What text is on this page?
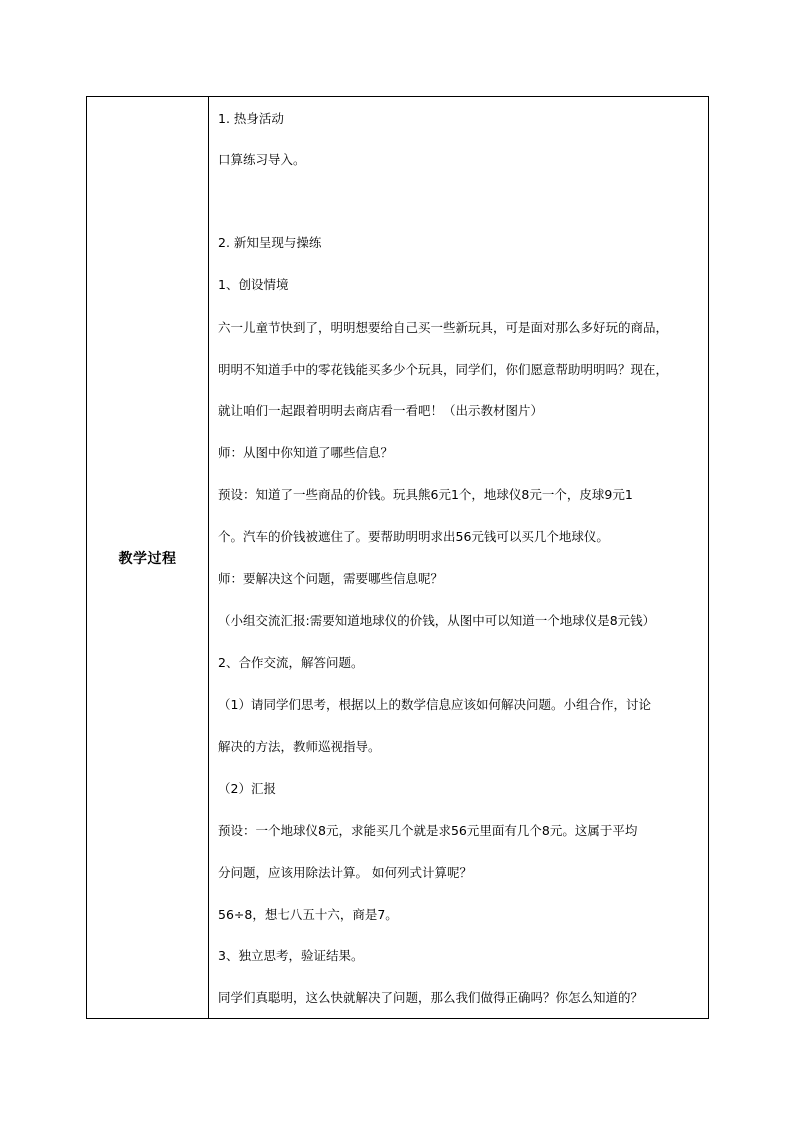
教学过程	
1. 热身活动
口算练习导入。
2. 新知呈现与操练
1、创设情境
六一儿童节快到了，明明想要给自己买一些新玩具，可是面对那么多好玩的商品，
明明不知道手中的零花钱能买多少个玩具，同学们，你们愿意帮助明明吗？现在，
就让咱们一起跟着明明去商店看一看吧！（出示教材图片）
师：从图中你知道了哪些信息？
预设：知道了一些商品的价钱。玩具熊6元1个，地球仪8元一个，皮球9元1
个。汽车的价钱被遮住了。要帮助明明求出56元钱可以买几个地球仪。
师：要解决这个问题，需要哪些信息呢？
（小组交流汇报:需要知道地球仪的价钱，从图中可以知道一个地球仪是8元钱）
2、合作交流，解答问题。
（1）请同学们思考，根据以上的数学信息应该如何解决问题。小组合作，讨论
解决的方法，教师巡视指导。
（2）汇报
预设：一个地球仪8元，求能买几个就是求56元里面有几个8元。这属于平均
分问题，应该用除法计算。 如何列式计算呢？
56÷8，想七八五十六，商是7。
3、独立思考，验证结果。
同学们真聪明，这么快就解决了问题，那么我们做得正确吗？你怎么知道的？
